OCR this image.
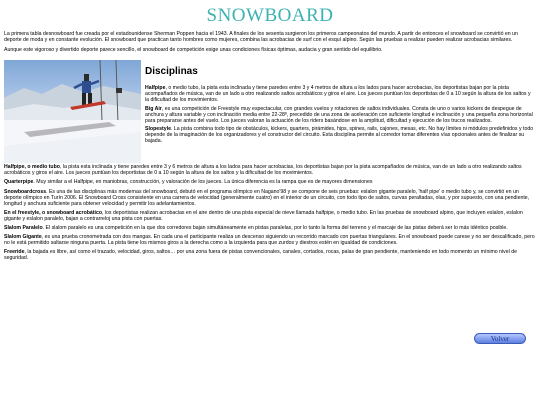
SNOWBOARD

La primera tabla desnowboard fue creada por el estadounidense Sherman Poppen hacia el 1943. A finales de los sesenta surgieron los primeros campeonatos del mundo. A partir de entonces el snowboard se convirtió en un deporte de moda y en constante evolución. El snowboard que practican tanto hombres como mujeres, combina las acrobacias de surf con el esquí alpino. Según las pruebas a realizar pueden realizar acrobacias similares.

Aunque este vigoroso y divertido deporte parece sencillo, el snowboard de competición exige unas condiciones físicas óptimas, audacia y gran sentido del equilibrio.

Disciplinas

Halfpipe, o medio tubo, la pista esta inclinada y tiene paredes entre 3 y 4 metros de altura a los lados para hacer acrobacias, los deportistas bajan por la pista acompañados de música, van de un lado a otro realizando saltos acrobáticos y giros el aire. Los jueces puntúan los deportistas de 0 a 10 según la altura de los saltos y la dificultad de los movimientos.

Big Air, es una competición de Freestyle muy espectacular, con grandes vuelos y rotaciones de saltos individuales. Consta de uno o varios kickers de despegue de anchura y altura variable y con inclinación media entre 22-28º, precedido de una zona de aceleración con suficiente longitud e inclinación y una pequeña zona horizontal para prepararse antes del vuelo. Los jueces valoran la actuación de los riders basándose en la amplitud, dificultad y ejecución de los trucos realizados.

Slopestyle. La pista combina todo tipo de obstáculos, kickers, quarters, pirámides, hips, spines, rails, cajones, mesas, etc. No hay límites ni módulos predefinidos y todo depende de la imaginación de los organizadores y el constructor del circuito. Esta disciplina permite al corredor tomar diferentes vías opcionales antes de finalizar su bajada.

Halfpipe, o medio tubo, la pista esta inclinada y tiene paredes entre 3 y 6 metros de altura a los lados para hacer acrobacias, los deportistas bajan por la pista acompañados de música, van de un lado a otro realizando saltos acrobáticos y giros el aire. Los jueces puntúan los deportistas de 0 a 10 según la altura de los saltos y la dificultad de los movimientos.

Quarterpipe. Muy similar a el Halfpipe, en maniobras, construcción, y valoración de los jueces. La única diferencia es la rampa que es de mayores dimensiones

Snowboardcross. Es una de las disciplinas más modernas del snowboard, debutó en el programa olímpico en Nagano'98 y se compone de seis pruebas: eslalon gigante paralelo, 'half pipe' o medio tubo y, se convirtió en un deporte olímpico en Turín 2006. El Snowboard Cross consistente en una carrera de velocidad (generalmente cuatro) en el interior de un circuito, con todo tipo de saltos, curvas peraltadas, olas, y por supuesto, con una pendiente, longitud y anchura suficiente para obtener velocidad y permitir los adelantamientos.

En el freestyle, o snowboard acrobático, los deportistas realizan acrobacias en el aire dentro de una pista especial de nieve llamada halfpipe, o medio tubo. En las pruebas de snowboard alpino, que incluyen eslalon, eslalon gigante y eslalon paralelo, bajan a contrarreloj una pista con puertas.

Slalom Paralelo. El slalom paralelo es una competición en la que dos corredores bajan simultáneamente en pistas paralelas, por lo tanto la forma del terreno y el marcaje de las pistas deberá ser lo más idéntico posible.

Slalom Gigante, es una prueba cronometrada con dos mangas. En cada una el participante realiza un descenso siguiendo un recorrido marcado con puertas triangulares. En el snowboard puede carese y no ser descalificado, pero no le está permitido saltarse ninguna puerta. La pista tiene los mismos giros a la derecha como a la izquierda para que zurdos y diestros estén en igualdad de condiciones.

Freeride, la bajada es libre, así como el trazado, velocidad, giros, saltos… por una zona fuera de pistas convencionales, canales, cortados, rocas, palas de gran pendiente, manteniendo en todo momento un mínimo nivel de seguridad.

Volver
